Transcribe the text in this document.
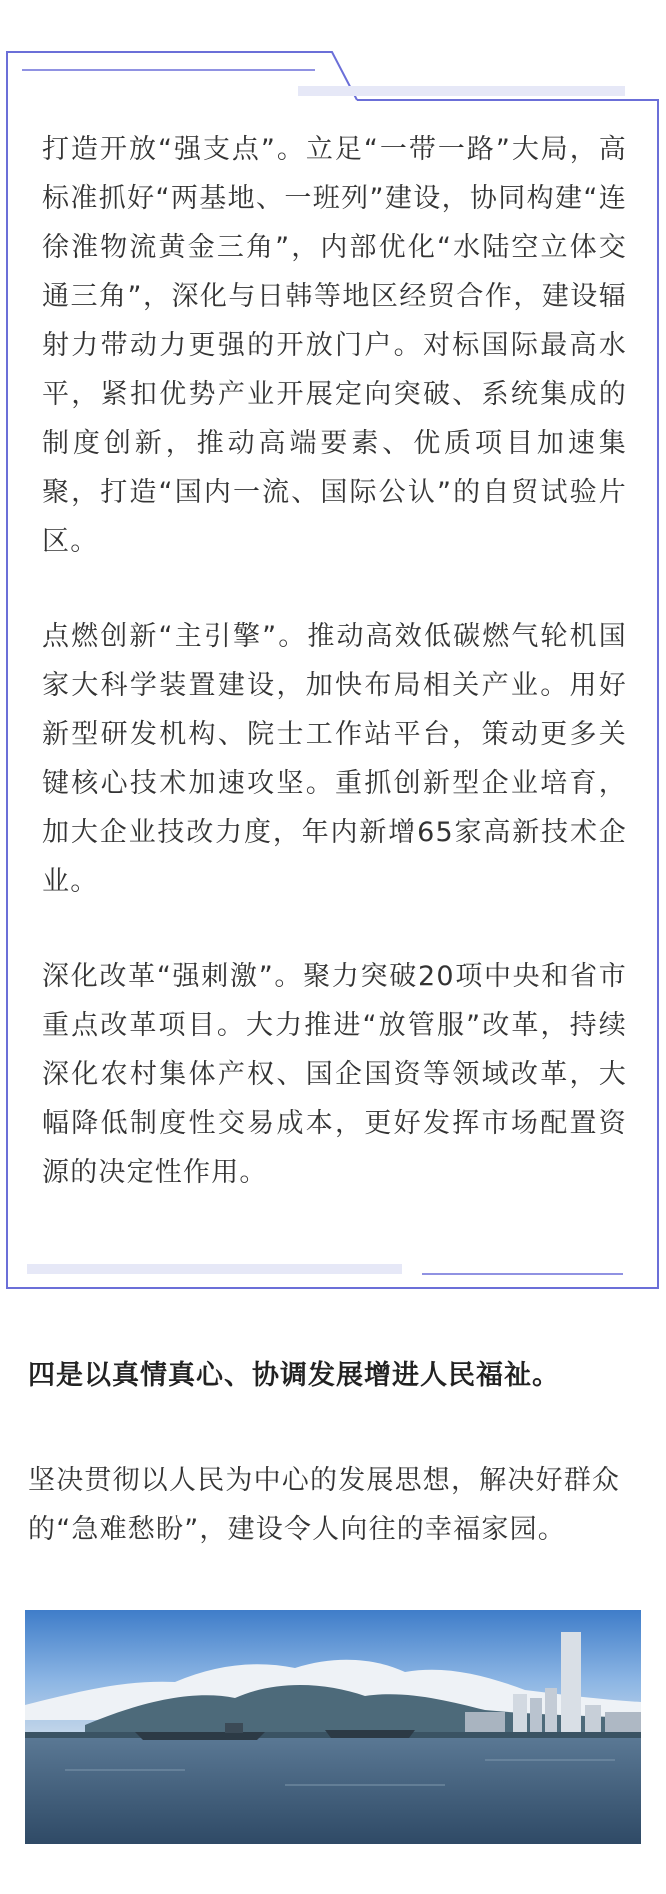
打造开放“强支点”。立足“一带一路”大局，高标准抓好“两基地、一班列”建设，协同构建“连徐淮物流黄金三角”，内部优化“水陆空立体交通三角”，深化与日韩等地区经贸合作，建设辐射力带动力更强的开放门户。对标国际最高水平，紧扣优势产业开展定向突破、系统集成的制度创新，推动高端要素、优质项目加速集聚，打造“国内一流、国际公认”的自贸试验片区。

点燃创新“主引擎”。推动高效低碳燃气轮机国家大科学装置建设，加快布局相关产业。用好新型研发机构、院士工作站平台，策动更多关键核心技术加速攻坚。重抓创新型企业培育，加大企业技改力度，年内新增65家高新技术企业。

深化改革“强刺激”。聚力突破20项中央和省市重点改革项目。大力推进“放管服”改革，持续深化农村集体产权、国企国资等领域改革，大幅降低制度性交易成本，更好发挥市场配置资源的决定性作用。

四是以真情真心、协调发展增进人民福祉。

坚决贯彻以人民为中心的发展思想，解决好群众的“急难愁盼”，建设令人向往的幸福家园。
